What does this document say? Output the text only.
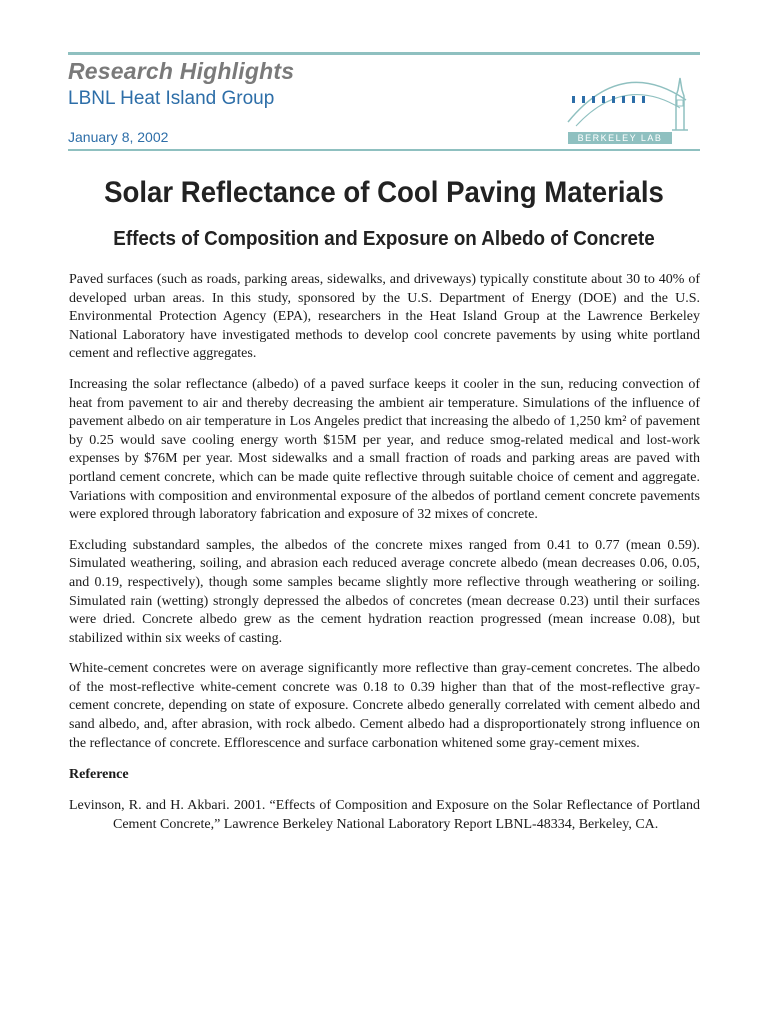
Research Highlights
LBNL Heat Island Group
January 8, 2002	BERKELEY LAB
Solar Reflectance of Cool Paving Materials
Effects of Composition and Exposure on Albedo of Concrete

Paved surfaces (such as roads, parking areas, sidewalks, and driveways) typically constitute about 30 to 40% of developed urban areas. In this study, sponsored by the U.S. Department of Energy (DOE) and the U.S. Environmental Protection Agency (EPA), researchers in the Heat Island Group at the Lawrence Berkeley National Laboratory have investigated methods to develop cool concrete pavements by using white portland cement and reflective aggregates.

Increasing the solar reflectance (albedo) of a paved surface keeps it cooler in the sun, reducing convection of heat from pavement to air and thereby decreasing the ambient air temperature. Simulations of the influence of pavement albedo on air temperature in Los Angeles predict that increasing the albedo of 1,250 km² of pavement by 0.25 would save cooling energy worth $15M per year, and reduce smog-related medical and lost-work expenses by $76M per year. Most sidewalks and a small fraction of roads and parking areas are paved with portland cement concrete, which can be made quite reflective through suitable choice of cement and aggregate. Variations with composition and environmental exposure of the albedos of portland cement concrete pavements were explored through laboratory fabrication and exposure of 32 mixes of concrete.

Excluding substandard samples, the albedos of the concrete mixes ranged from 0.41 to 0.77 (mean 0.59). Simulated weathering, soiling, and abrasion each reduced average concrete albedo (mean decreases 0.06, 0.05, and 0.19, respectively), though some samples became slightly more reflective through weathering or soiling. Simulated rain (wetting) strongly depressed the albedos of concretes (mean decrease 0.23) until their surfaces were dried. Concrete albedo grew as the cement hydration reaction progressed (mean increase 0.08), but stabilized within six weeks of casting.

White-cement concretes were on average significantly more reflective than gray-cement concretes. The albedo of the most-reflective white-cement concrete was 0.18 to 0.39 higher than that of the most-reflective gray-cement concrete, depending on state of exposure. Concrete albedo generally correlated with cement albedo and sand albedo, and, after abrasion, with rock albedo. Cement albedo had a disproportionately strong influence on the reflectance of concrete. Efflorescence and surface carbonation whitened some gray-cement mixes.

Reference

Levinson, R. and H. Akbari. 2001. “Effects of Composition and Exposure on the Solar Reflectance of Portland Cement Concrete,” Lawrence Berkeley National Laboratory Report LBNL-48334, Berkeley, CA.
